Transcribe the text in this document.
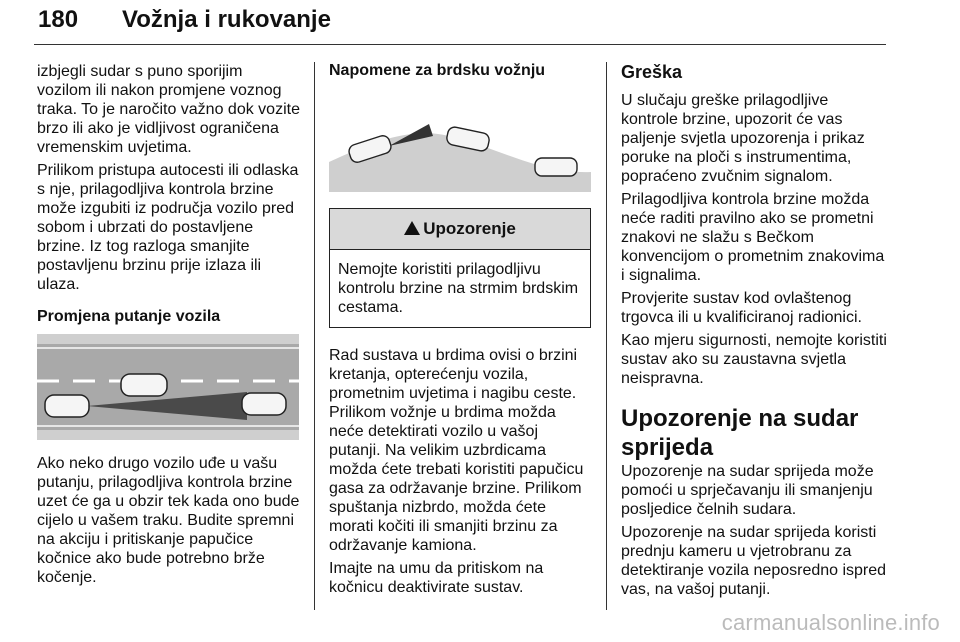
180 Vožnja i rukovanje

izbjegli sudar s puno sporijim vozilom ili nakon promjene voznog traka. To je naročito važno dok vozite brzo ili ako je vidljivost ograničena vremenskim uvjetima.

Prilikom pristupa autocesti ili odlaska s nje, prilagodljiva kontrola brzine može izgubiti iz područja vozilo pred sobom i ubrzati do postavljene brzine. Iz tog razloga smanjite postavljenu brzinu prije izlaza ili ulaza.

Promjena putanje vozila

Ako neko drugo vozilo uđe u vašu putanju, prilagodljiva kontrola brzine uzet će ga u obzir tek kada ono bude cijelo u vašem traku. Budite spremni na akciju i pritiskanje papučice kočnice ako bude potrebno brže kočenje.

Napomene za brdsku vožnju
Upozorenje

Nemojte koristiti prilagodljivu kontrolu brzine na strmim brdskim cestama.

Rad sustava u brdima ovisi o brzini kretanja, opterećenju vozila, prometnim uvjetima i nagibu ceste. Prilikom vožnje u brdima možda neće detektirati vozilo u vašoj putanji. Na velikim uzbrdicama možda ćete trebati koristiti papučicu gasa za održavanje brzine. Prilikom spuštanja nizbrdo, možda ćete morati kočiti ili smanjiti brzinu za održavanje kamiona.

Imajte na umu da pritiskom na kočnicu deaktivirate sustav.

Greška

U slučaju greške prilagodljive kontrole brzine, upozorit će vas paljenje svjetla upozorenja i prikaz poruke na ploči s instrumentima, popraćeno zvučnim signalom.

Prilagodljiva kontrola brzine možda neće raditi pravilno ako se prometni znakovi ne slažu s Bečkom konvencijom o prometnim znakovima i signalima.

Provjerite sustav kod ovlaštenog trgovca ili u kvalificiranoj radionici.

Kao mjeru sigurnosti, nemojte koristiti sustav ako su zaustavna svjetla neispravna.

Upozorenje na sudar sprijeda

Upozorenje na sudar sprijeda može pomoći u sprječavanju ili smanjenju posljedice čelnih sudara.

Upozorenje na sudar sprijeda koristi prednju kameru u vjetrobranu za detektiranje vozila neposredno ispred vas, na vašoj putanji.

carmanualsonline.info
